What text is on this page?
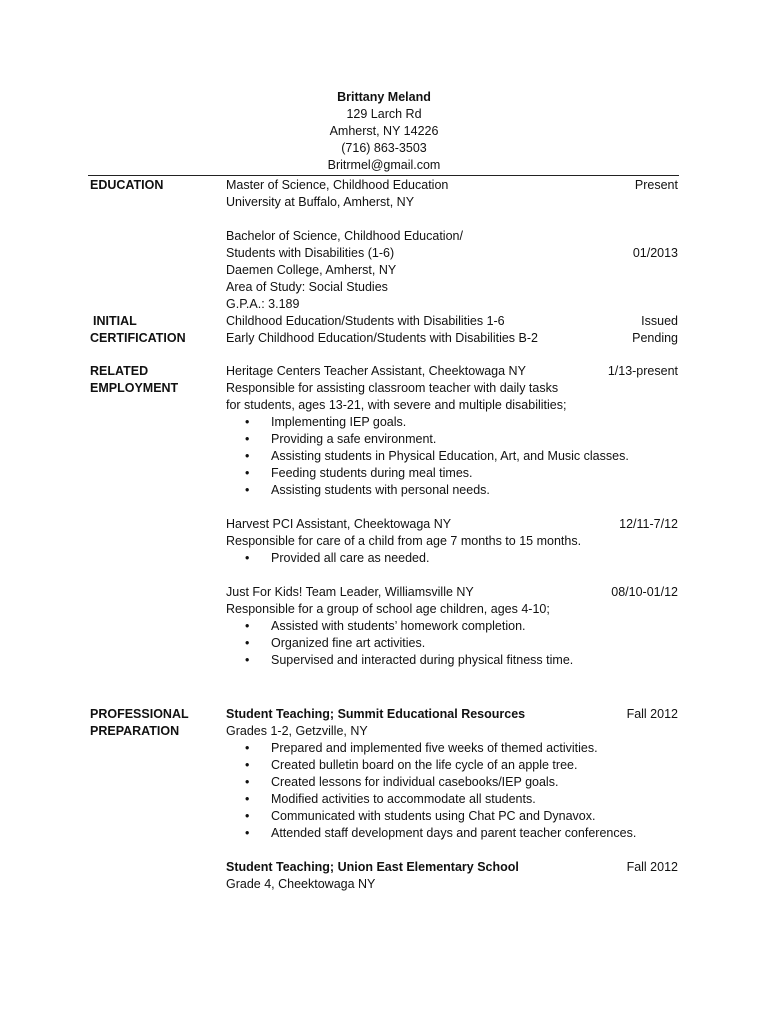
Brittany Meland
129 Larch Rd
Amherst, NY 14226
(716) 863-3503
Britrmel@gmail.com
EDUCATION	Master of Science, Childhood Education	Present
University at Buffalo, Amherst, NY
Bachelor of Science, Childhood Education/
Students with Disabilities (1-6)	01/2013
Daemen College, Amherst, NY
Area of Study: Social Studies
G.P.A.: 3.189
INITIAL
CERTIFICATION
Childhood Education/Students with Disabilities 1-6	Issued
Early Childhood Education/Students with Disabilities B-2	Pending
RELATED
EMPLOYMENT
Heritage Centers Teacher Assistant, Cheektowaga NY	1/13-present
Responsible for assisting classroom teacher with daily tasks
for students, ages 13-21, with severe and multiple disabilities;
• Implementing IEP goals.
• Providing a safe environment.
• Assisting students in Physical Education, Art, and Music classes.
• Feeding students during meal times.
• Assisting students with personal needs.
Harvest PCI Assistant, Cheektowaga NY	12/11-7/12
Responsible for care of a child from age 7 months to 15 months.
• Provided all care as needed.
Just For Kids! Team Leader, Williamsville NY	08/10-01/12
Responsible for a group of school age children, ages 4-10;
• Assisted with students’ homework completion.
• Organized fine art activities.
• Supervised and interacted during physical fitness time.
PROFESSIONAL
PREPARATION
Student Teaching; Summit Educational Resources	Fall 2012
Grades 1-2, Getzville, NY
• Prepared and implemented five weeks of themed activities.
• Created bulletin board on the life cycle of an apple tree.
• Created lessons for individual casebooks/IEP goals.
• Modified activities to accommodate all students.
• Communicated with students using Chat PC and Dynavox.
• Attended staff development days and parent teacher conferences.
Student Teaching; Union East Elementary School	Fall 2012
Grade 4, Cheektowaga NY
